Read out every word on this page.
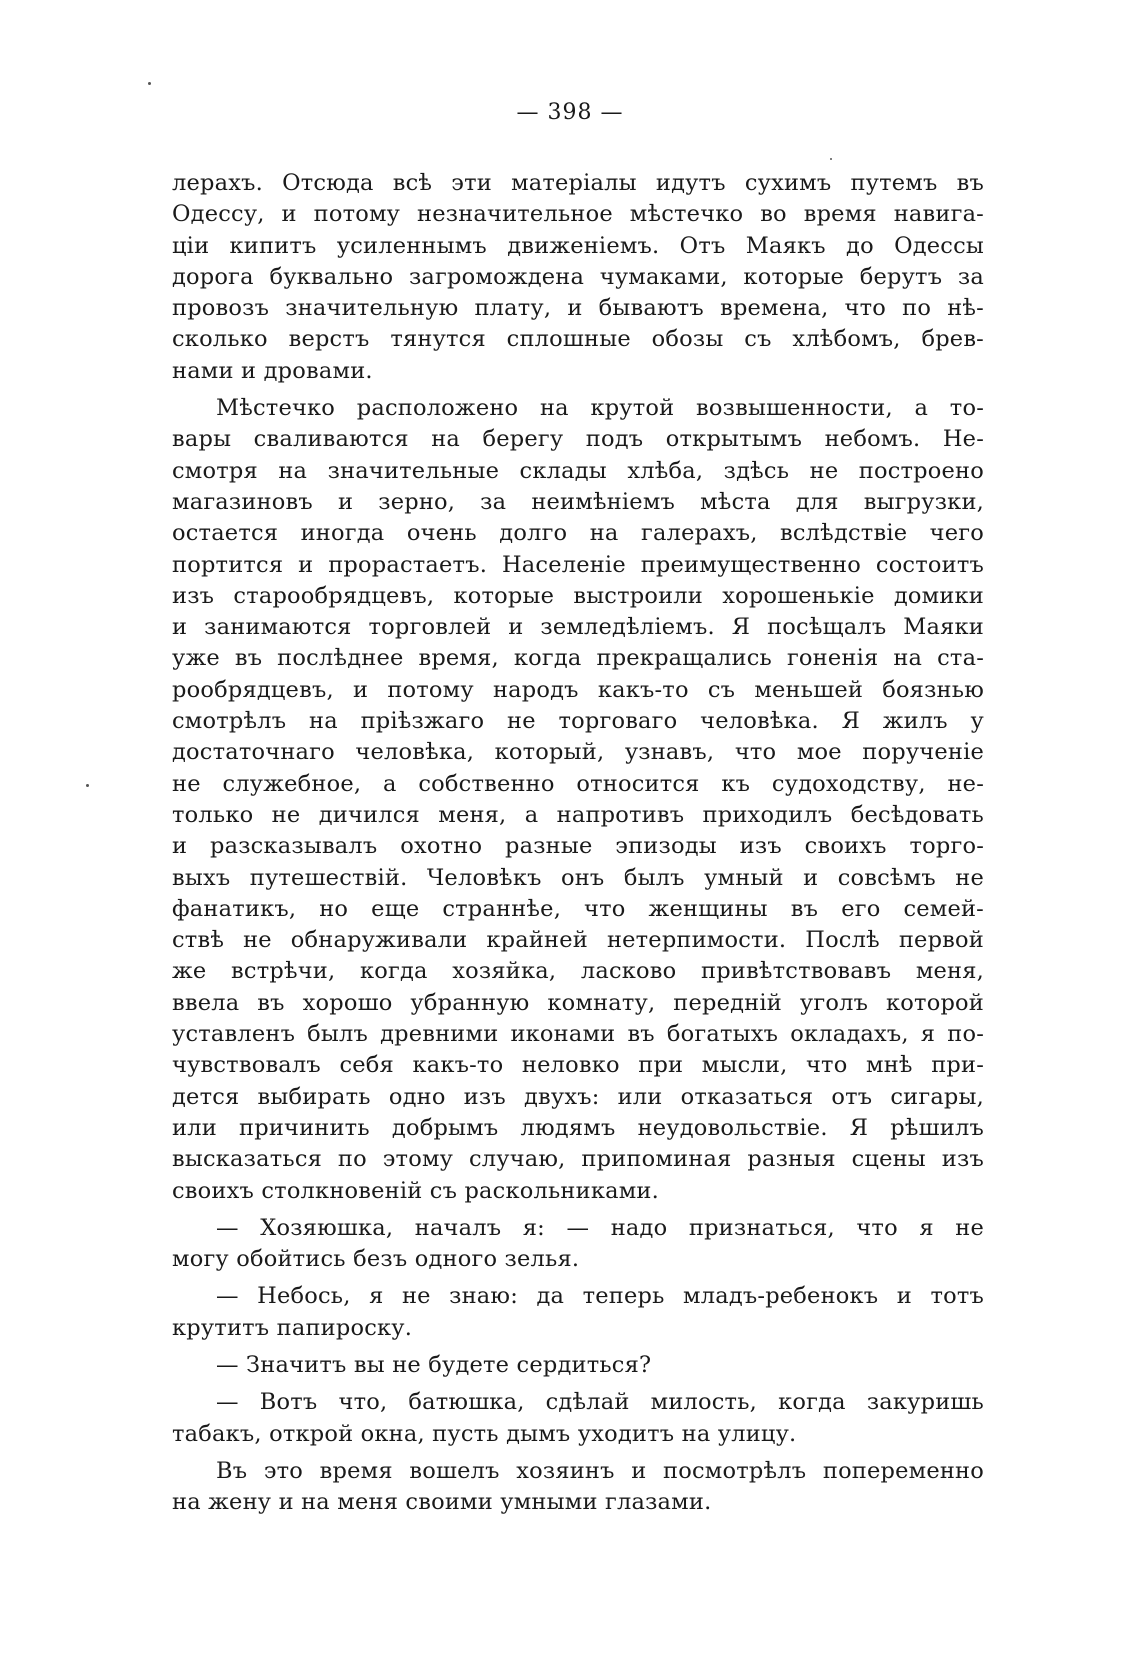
— 398 —
лерахъ. Отсюда всѣ эти матеріалы идутъ сухимъ путемъ въ
Одессу, и потому незначительное мѣстечко во время навига-
ціи кипитъ усиленнымъ движеніемъ. Отъ Маякъ до Одессы
дорога буквально загромождена чумаками, которые берутъ за
провозъ значительную плату, и бываютъ времена, что по нѣ-
сколько верстъ тянутся сплошные обозы съ хлѣбомъ, брев-
нами и дровами.
Мѣстечко расположено на крутой возвышенности, а то-
вары сваливаются на берегу подъ открытымъ небомъ. Не-
смотря на значительные склады хлѣба, здѣсь не построено
магазиновъ и зерно, за неимѣніемъ мѣста для выгрузки,
остается иногда очень долго на галерахъ, вслѣдствіе чего
портится и прорастаетъ. Населеніе преимущественно состоитъ
изъ старообрядцевъ, которые выстроили хорошенькіе домики
и занимаются торговлей и земледѣліемъ. Я посѣщалъ Маяки
уже въ послѣднее время, когда прекращались гоненія на ста-
рообрядцевъ, и потому народъ какъ-то съ меньшей боязнью
смотрѣлъ на пріѣзжаго не торговаго человѣка. Я жилъ у
достаточнаго человѣка, который, узнавъ, что мое порученіе
не служебное, а собственно относится къ судоходству, не-
только не дичился меня, а напротивъ приходилъ бесѣдовать
и разсказывалъ охотно разные эпизоды изъ своихъ торго-
выхъ путешествій. Человѣкъ онъ былъ умный и совсѣмъ не
фанатикъ, но еще страннѣе, что женщины въ его семей-
ствѣ не обнаруживали крайней нетерпимости. Послѣ первой
же встрѣчи, когда хозяйка, ласково привѣтствовавъ меня,
ввела въ хорошо убранную комнату, передній уголъ которой
уставленъ былъ древними иконами въ богатыхъ окладахъ, я по-
чувствовалъ себя какъ-то неловко при мысли, что мнѣ при-
дется выбирать одно изъ двухъ: или отказаться отъ сигары,
или причинить добрымъ людямъ неудовольствіе. Я рѣшилъ
высказаться по этому случаю, припоминая разныя сцены изъ
своихъ столкновеній съ раскольниками.
— Хозяюшка, началъ я: — надо признаться, что я не
могу обойтись безъ одного зелья.
— Небось, я не знаю: да теперь младъ-ребенокъ и тотъ
крутитъ папироску.
— Значитъ вы не будете сердиться?
— Вотъ что, батюшка, сдѣлай милость, когда закуришь
табакъ, открой окна, пусть дымъ уходитъ на улицу.
Въ это время вошелъ хозяинъ и посмотрѣлъ попеременно
на жену и на меня своими умными глазами.
